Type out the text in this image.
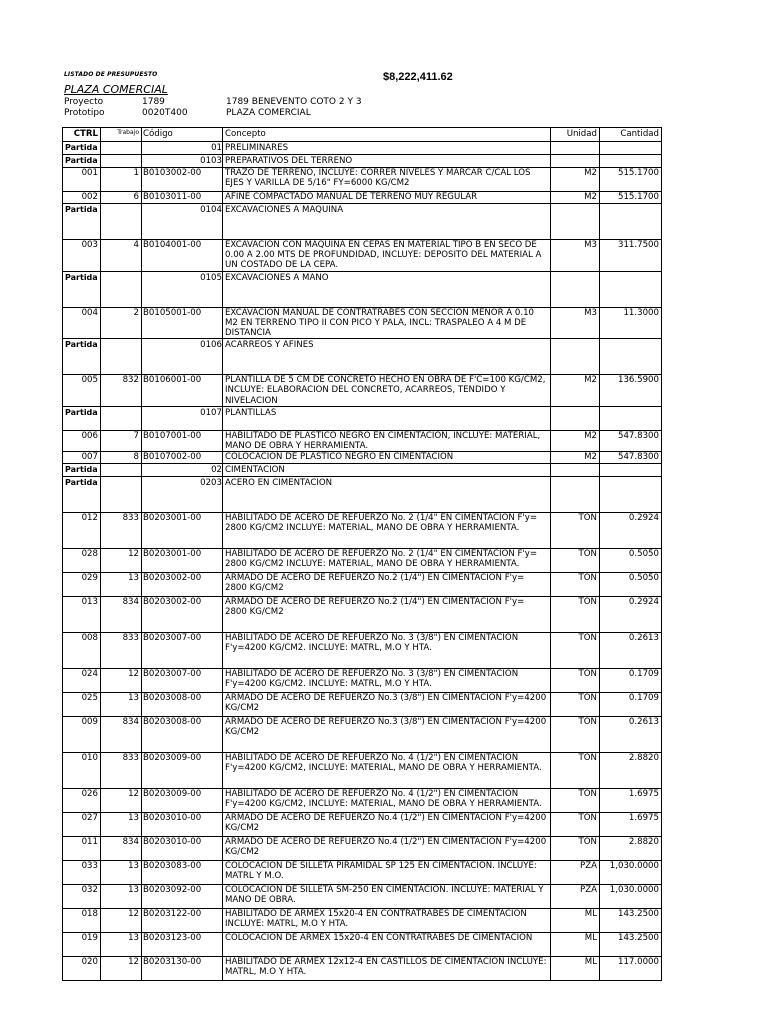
LISTADO DE PRESUPUESTO	$8,222,411.62
PLAZA COMERCIAL
Proyecto	1789	1789 BENEVENTO COTO 2 Y 3
Prototipo	0020T400	PLAZA COMERCIAL
CTRL	Trabajo	Código	Concepto	Unidad	Cantidad
Partida		01	PRELIMINARES		
Partida		0103	PREPARATIVOS DEL TERRENO		
001	1	B0103002-00	TRAZO DE TERRENO, INCLUYE: CORRER NIVELES Y MARCAR C/CAL LOS EJES Y VARILLA DE 5/16" FY=6000 KG/CM2	M2	515.1700
002	6	B0103011-00	AFINE COMPACTADO MANUAL DE TERRENO MUY REGULAR	M2	515.1700
Partida		0104	EXCAVACIONES A MAQUINA		
003	4	B0104001-00	EXCAVACION CON MAQUINA EN CEPAS EN MATERIAL TIPO B EN SECO DE 0.00 A 2.00 MTS DE PROFUNDIDAD, INCLUYE: DEPOSITO DEL MATERIAL A UN COSTADO DE LA CEPA.	M3	311.7500
Partida		0105	EXCAVACIONES A MANO		
004	2	B0105001-00	EXCAVACION MANUAL DE CONTRATRABES CON SECCION MENOR A 0.10 M2 EN TERRENO TIPO II CON PICO Y PALA, INCL: TRASPALEO A 4 M DE DISTANCIA	M3	11.3000
Partida		0106	ACARREOS Y AFINES		
005	832	B0106001-00	PLANTILLA DE 5 CM DE CONCRETO HECHO EN OBRA DE F'C=100 KG/CM2, INCLUYE: ELABORACION DEL CONCRETO, ACARREOS, TENDIDO Y NIVELACION	M2	136.5900
Partida		0107	PLANTILLAS		
006	7	B0107001-00	HABILITADO DE PLASTICO NEGRO EN CIMENTACION, INCLUYE: MATERIAL, MANO DE OBRA Y HERRAMIENTA.	M2	547.8300
007	8	B0107002-00	COLOCACION DE PLASTICO NEGRO EN CIMENTACION	M2	547.8300
Partida		02	CIMENTACION		
Partida		0203	ACERO EN CIMENTACION		
012	833	B0203001-00	HABILITADO DE ACERO DE REFUERZO No. 2 (1/4" EN CIMENTACION F'y= 2800 KG/CM2 INCLUYE: MATERIAL, MANO DE OBRA Y HERRAMIENTA.	TON	0.2924
028	12	B0203001-00	HABILITADO DE ACERO DE REFUERZO No. 2 (1/4" EN CIMENTACION F'y= 2800 KG/CM2 INCLUYE: MATERIAL, MANO DE OBRA Y HERRAMIENTA.	TON	0.5050
029	13	B0203002-00	ARMADO DE ACERO DE REFUERZO No.2 (1/4") EN CIMENTACION F'y= 2800 KG/CM2	TON	0.5050
013	834	B0203002-00	ARMADO DE ACERO DE REFUERZO No.2 (1/4") EN CIMENTACION F'y= 2800 KG/CM2	TON	0.2924
008	833	B0203007-00	HABILITADO DE ACERO DE REFUERZO No. 3 (3/8") EN CIMENTACION F'y=4200 KG/CM2. INCLUYE: MATRL, M.O Y HTA.	TON	0.2613
024	12	B0203007-00	HABILITADO DE ACERO DE REFUERZO No. 3 (3/8") EN CIMENTACION F'y=4200 KG/CM2. INCLUYE: MATRL, M.O Y HTA.	TON	0.1709
025	13	B0203008-00	ARMADO DE ACERO DE REFUERZO No.3 (3/8") EN CIMENTACION F'y=4200 KG/CM2	TON	0.1709
009	834	B0203008-00	ARMADO DE ACERO DE REFUERZO No.3 (3/8") EN CIMENTACION F'y=4200 KG/CM2	TON	0.2613
010	833	B0203009-00	HABILITADO DE ACERO DE REFUERZO No. 4 (1/2") EN CIMENTACION F'y=4200 KG/CM2, INCLUYE: MATERIAL, MANO DE OBRA Y HERRAMIENTA.	TON	2.8820
026	12	B0203009-00	HABILITADO DE ACERO DE REFUERZO No. 4 (1/2") EN CIMENTACION F'y=4200 KG/CM2, INCLUYE: MATERIAL, MANO DE OBRA Y HERRAMIENTA.	TON	1.6975
027	13	B0203010-00	ARMADO DE ACERO DE REFUERZO No.4 (1/2") EN CIMENTACION F'y=4200 KG/CM2	TON	1.6975
011	834	B0203010-00	ARMADO DE ACERO DE REFUERZO No.4 (1/2") EN CIMENTACION F'y=4200 KG/CM2	TON	2.8820
033	13	B0203083-00	COLOCACION DE SILLETA PIRAMIDAL SP 125 EN CIMENTACION. INCLUYE: MATRL Y M.O.	PZA	1,030.0000
032	13	B0203092-00	COLOCACION DE SILLETA SM-250 EN CIMENTACION. INCLUYE: MATERIAL Y MANO DE OBRA.	PZA	1,030.0000
018	12	B0203122-00	HABILITADO DE ARMEX 15x20-4 EN CONTRATRABES DE CIMENTACION INCLUYE: MATRL, M.O Y HTA.	ML	143.2500
019	13	B0203123-00	COLOCACION DE ARMEX 15x20-4 EN CONTRATRABES DE CIMENTACION	ML	143.2500
020	12	B0203130-00	HABILITADO DE ARMEX 12x12-4 EN CASTILLOS DE CIMENTACION INCLUYE: MATRL, M.O Y HTA.	ML	117.0000
